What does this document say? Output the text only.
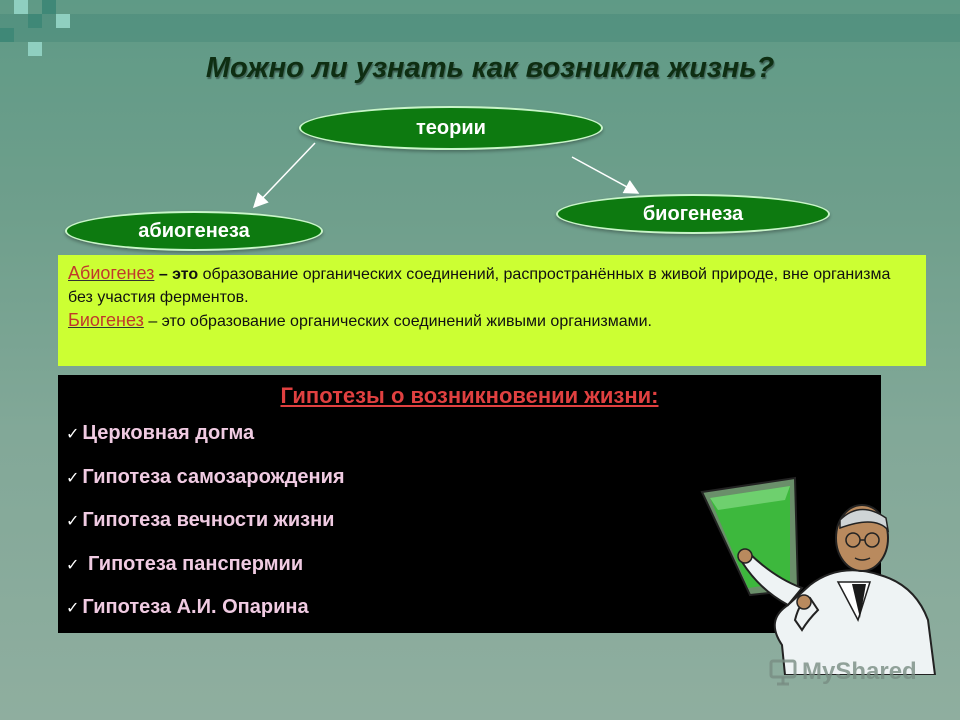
Можно ли узнать как возникла жизнь?
теории
абиогенеза
биогенеза
Абиогенез – это образование органических соединений, распространённых в живой природе, вне организма без участия ферментов.
Биогенез – это образование органических соединений живыми организмами.
Гипотезы о возникновении жизни:
✓ Церковная догма
✓ Гипотеза самозарождения
✓ Гипотеза вечности жизни
✓ Гипотеза панспермии
✓ Гипотеза А.И. Опарина
MyShared
